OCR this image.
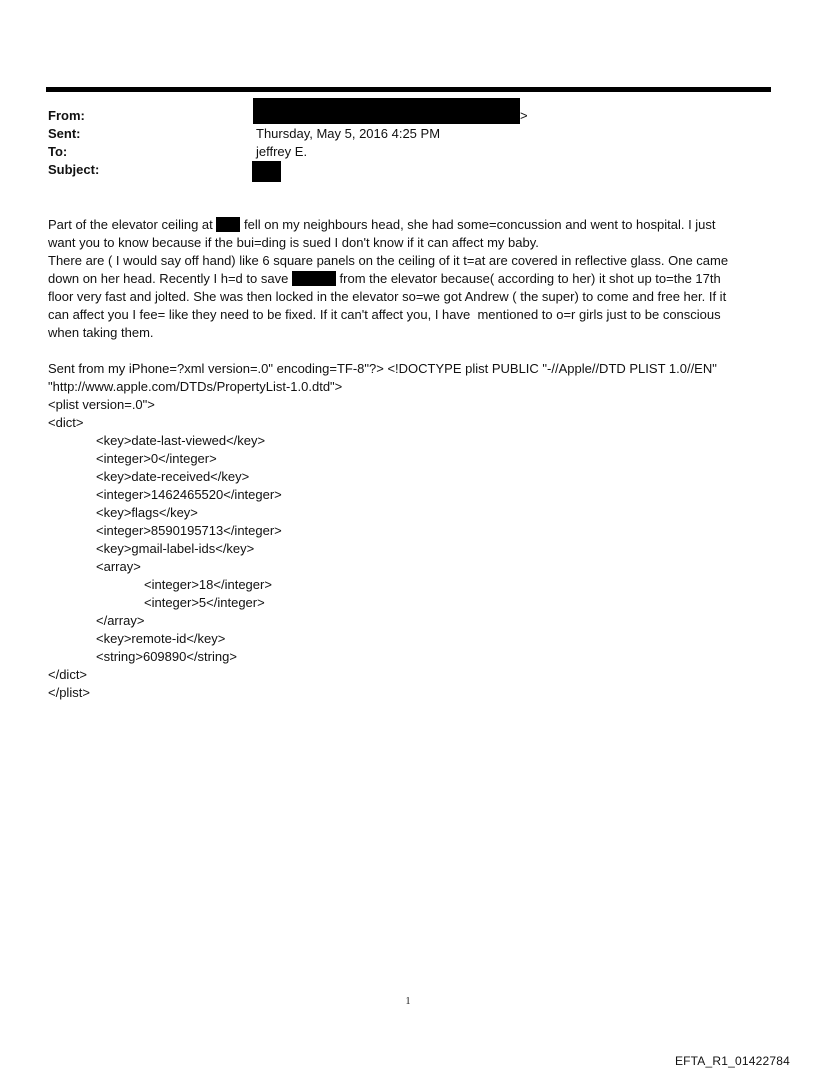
From:
Sent:
To:
Subject:
>
Thursday, May 5, 2016 4:25 PM
jeffrey E.
Part of the elevator ceiling at  fell on my neighbours head, she had some=concussion and went to hospital. I just
want you to know because if the bui=ding is sued I don't know if it can affect my baby.
There are ( I would say off hand) like 6 square panels on the ceiling of it t=at are covered in reflective glass. One came
down on her head. Recently I h=d to save	from the elevator because( according to her) it shot up to=the 17th
floor very fast and jolted. She was then locked in the elevator so=we got Andrew ( the super) to come and free her. If it
can affect you I fee= like they need to be fixed. If it can't affect you, I have  mentioned to o=r girls just to be conscious
when taking them.
Sent from my iPhone=?xml version=.0" encoding=TF-8"?> <!DOCTYPE plist PUBLIC "-//Apple//DTD PLIST 1.0//EN"
"http://www.apple.com/DTDs/PropertyList-1.0.dtd">
<plist version=.0">
<dict>
<key>date-last-viewed</key>
<integer>0</integer>
<key>date-received</key>
<integer>1462465520</integer>
<key>flags</key>
<integer>8590195713</integer>
<key>gmail-label-ids</key>
<array>
<integer>18</integer>
<integer>5</integer>
</array>
<key>remote-id</key>
<string>609890</string>
</dict>
</plist>
1
EFTA_R1_01422784
